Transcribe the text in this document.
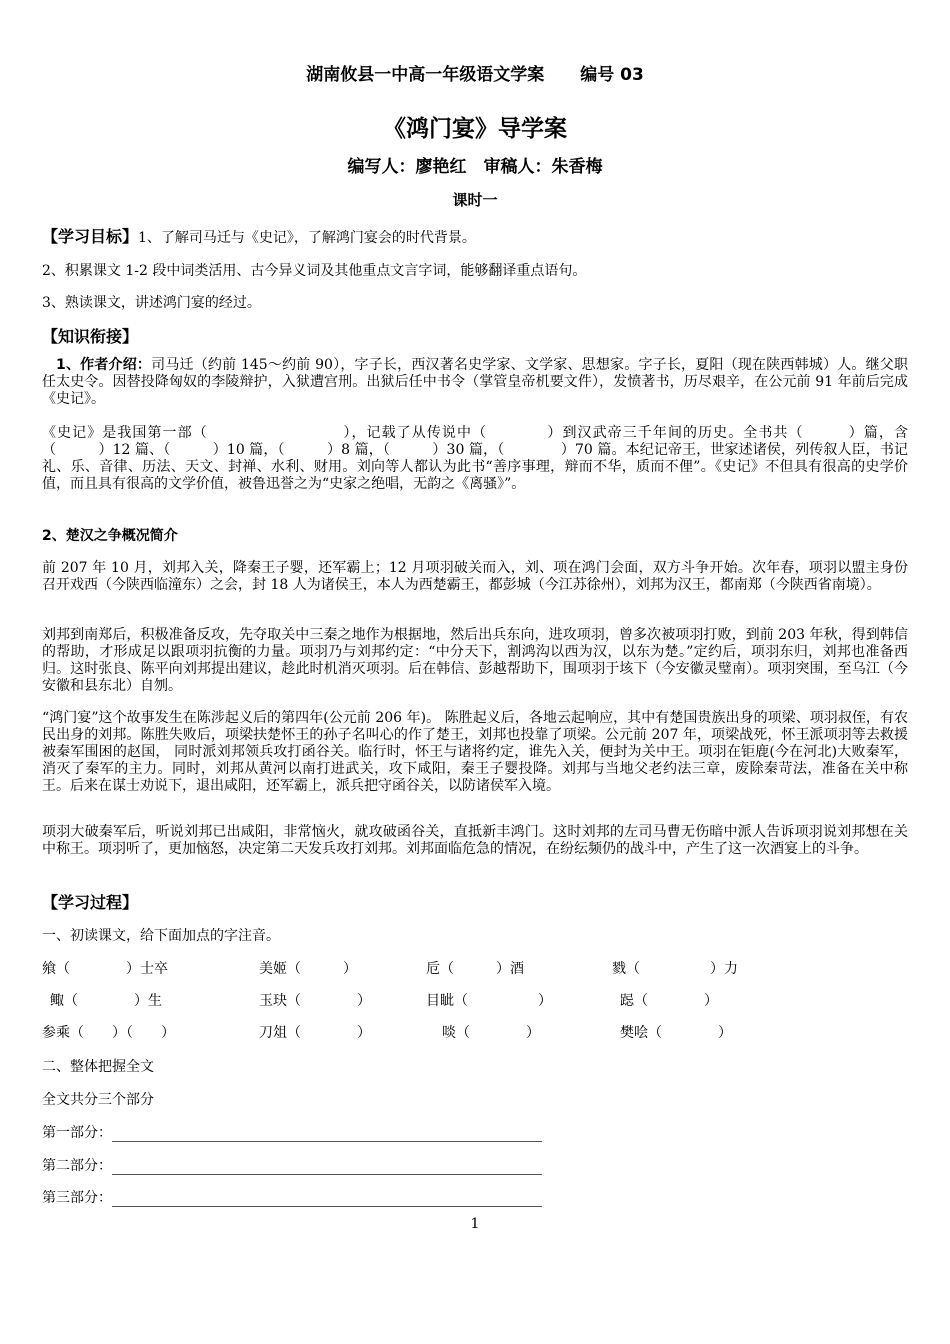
湖南攸县一中高一年级语文学案 编号 03
《鸿门宴》导学案
编写人：廖艳红　审稿人：朱香梅
课时一
【学习目标】1、了解司马迁与《史记》，了解鸿门宴会的时代背景。
2、积累课文 1-2 段中词类活用、古今异义词及其他重点文言字词，能够翻译重点语句。
3、熟读课文，讲述鸿门宴的经过。
【知识衔接】
1、作者介绍：司马迁（约前 145～约前 90），字子长，西汉著名史学家、文学家、思想家。字子长，夏阳（现在陕西韩城）人。继父职任太史令。因替投降匈奴的李陵辩护，入狱遭宫刑。出狱后任中书令（掌管皇帝机要文件），发愤著书，历尽艰辛，在公元前 91 年前后完成《史记》。
《史记》是我国第一部（　　　　　　　　　），记载了从传说中（　　　　）到汉武帝三千年间的历史。全书共（　　　）篇，含（　　　）12 篇、（　　　）10 篇，（　　　）8 篇，（　　　）30 篇，（　　　　）70 篇。本纪记帝王，世家述诸侯，列传叙人臣，书记礼、乐、音律、历法、天文、封禅、水利、财用。刘向等人都认为此书“善序事理，辩而不华，质而不俚”。《史记》不但具有很高的史学价值，而且具有很高的文学价值，被鲁迅誉之为“史家之绝唱，无韵之《离骚》”。
2、楚汉之争概况简介
前 207 年 10 月，刘邦入关，降秦王子婴，还军霸上；12 月项羽破关而入，刘、项在鸿门会面，双方斗争开始。次年春，项羽以盟主身份召开戏西（今陕西临潼东）之会，封 18 人为诸侯王，本人为西楚霸王，都彭城（今江苏徐州），刘邦为汉王，都南郑（今陕西省南境）。
刘邦到南郑后，积极准备反攻，先夺取关中三秦之地作为根据地，然后出兵东向，进攻项羽，曾多次被项羽打败，到前 203 年秋，得到韩信的帮助，才形成足以跟项羽抗衡的力量。项羽乃与刘邦约定：“中分天下，割鸿沟以西为汉，以东为楚。”定约后，项羽东归，刘邦也准备西归。这时张良、陈平向刘邦提出建议，趁此时机消灭项羽。后在韩信、彭越帮助下，围项羽于垓下（今安徽灵璧南）。项羽突围，至乌江（今安徽和县东北）自刎。
“鸿门宴”这个故事发生在陈涉起义后的第四年(公元前 206 年)。 陈胜起义后，各地云起响应，其中有楚国贵族出身的项梁、项羽叔侄，有农民出身的刘邦。陈胜失败后，项梁扶楚怀王的孙子名叫心的作了楚王，刘邦也投靠了项梁。公元前 207 年，项梁战死，怀王派项羽等去救援被秦军围困的赵国， 同时派刘邦领兵攻打函谷关。临行时，怀王与诸将约定，谁先入关，便封为关中王。项羽在钜鹿(今在河北)大败秦军，消灭了秦军的主力。同时，刘邦从黄河以南打进武关，攻下咸阳，秦王子婴投降。刘邦与当地父老约法三章，废除秦苛法，准备在关中称王。后来在谋士劝说下，退出咸阳，还军霸上，派兵把守函谷关，以防诸侯军入境。
项羽大破秦军后，听说刘邦已出咸阳，非常恼火，就攻破函谷关，直抵新丰鸿门。这时刘邦的左司马曹无伤暗中派人告诉项羽说刘邦想在关中称王。项羽听了，更加恼怒，决定第二天发兵攻打刘邦。刘邦面临危急的情况，在纷纭频仍的战斗中，产生了这一次酒宴上的斗争。
【学习过程】
一、初读课文，给下面加点的字注音。
飨（　　　　）士卒	美姬（　　　）	卮（　　　）酒	戮（　　　　　）力
鲰（　　　　）生	玉玦（　　　　）	目眦（　　　　　）	跽（　　　　）
参乘（　　）（　　）	刀俎（　　　　）	啖（　　　　）	樊哙（　　　　）
二、整体把握全文
全文共分三个部分
第一部分：
第二部分：
第三部分：
1
